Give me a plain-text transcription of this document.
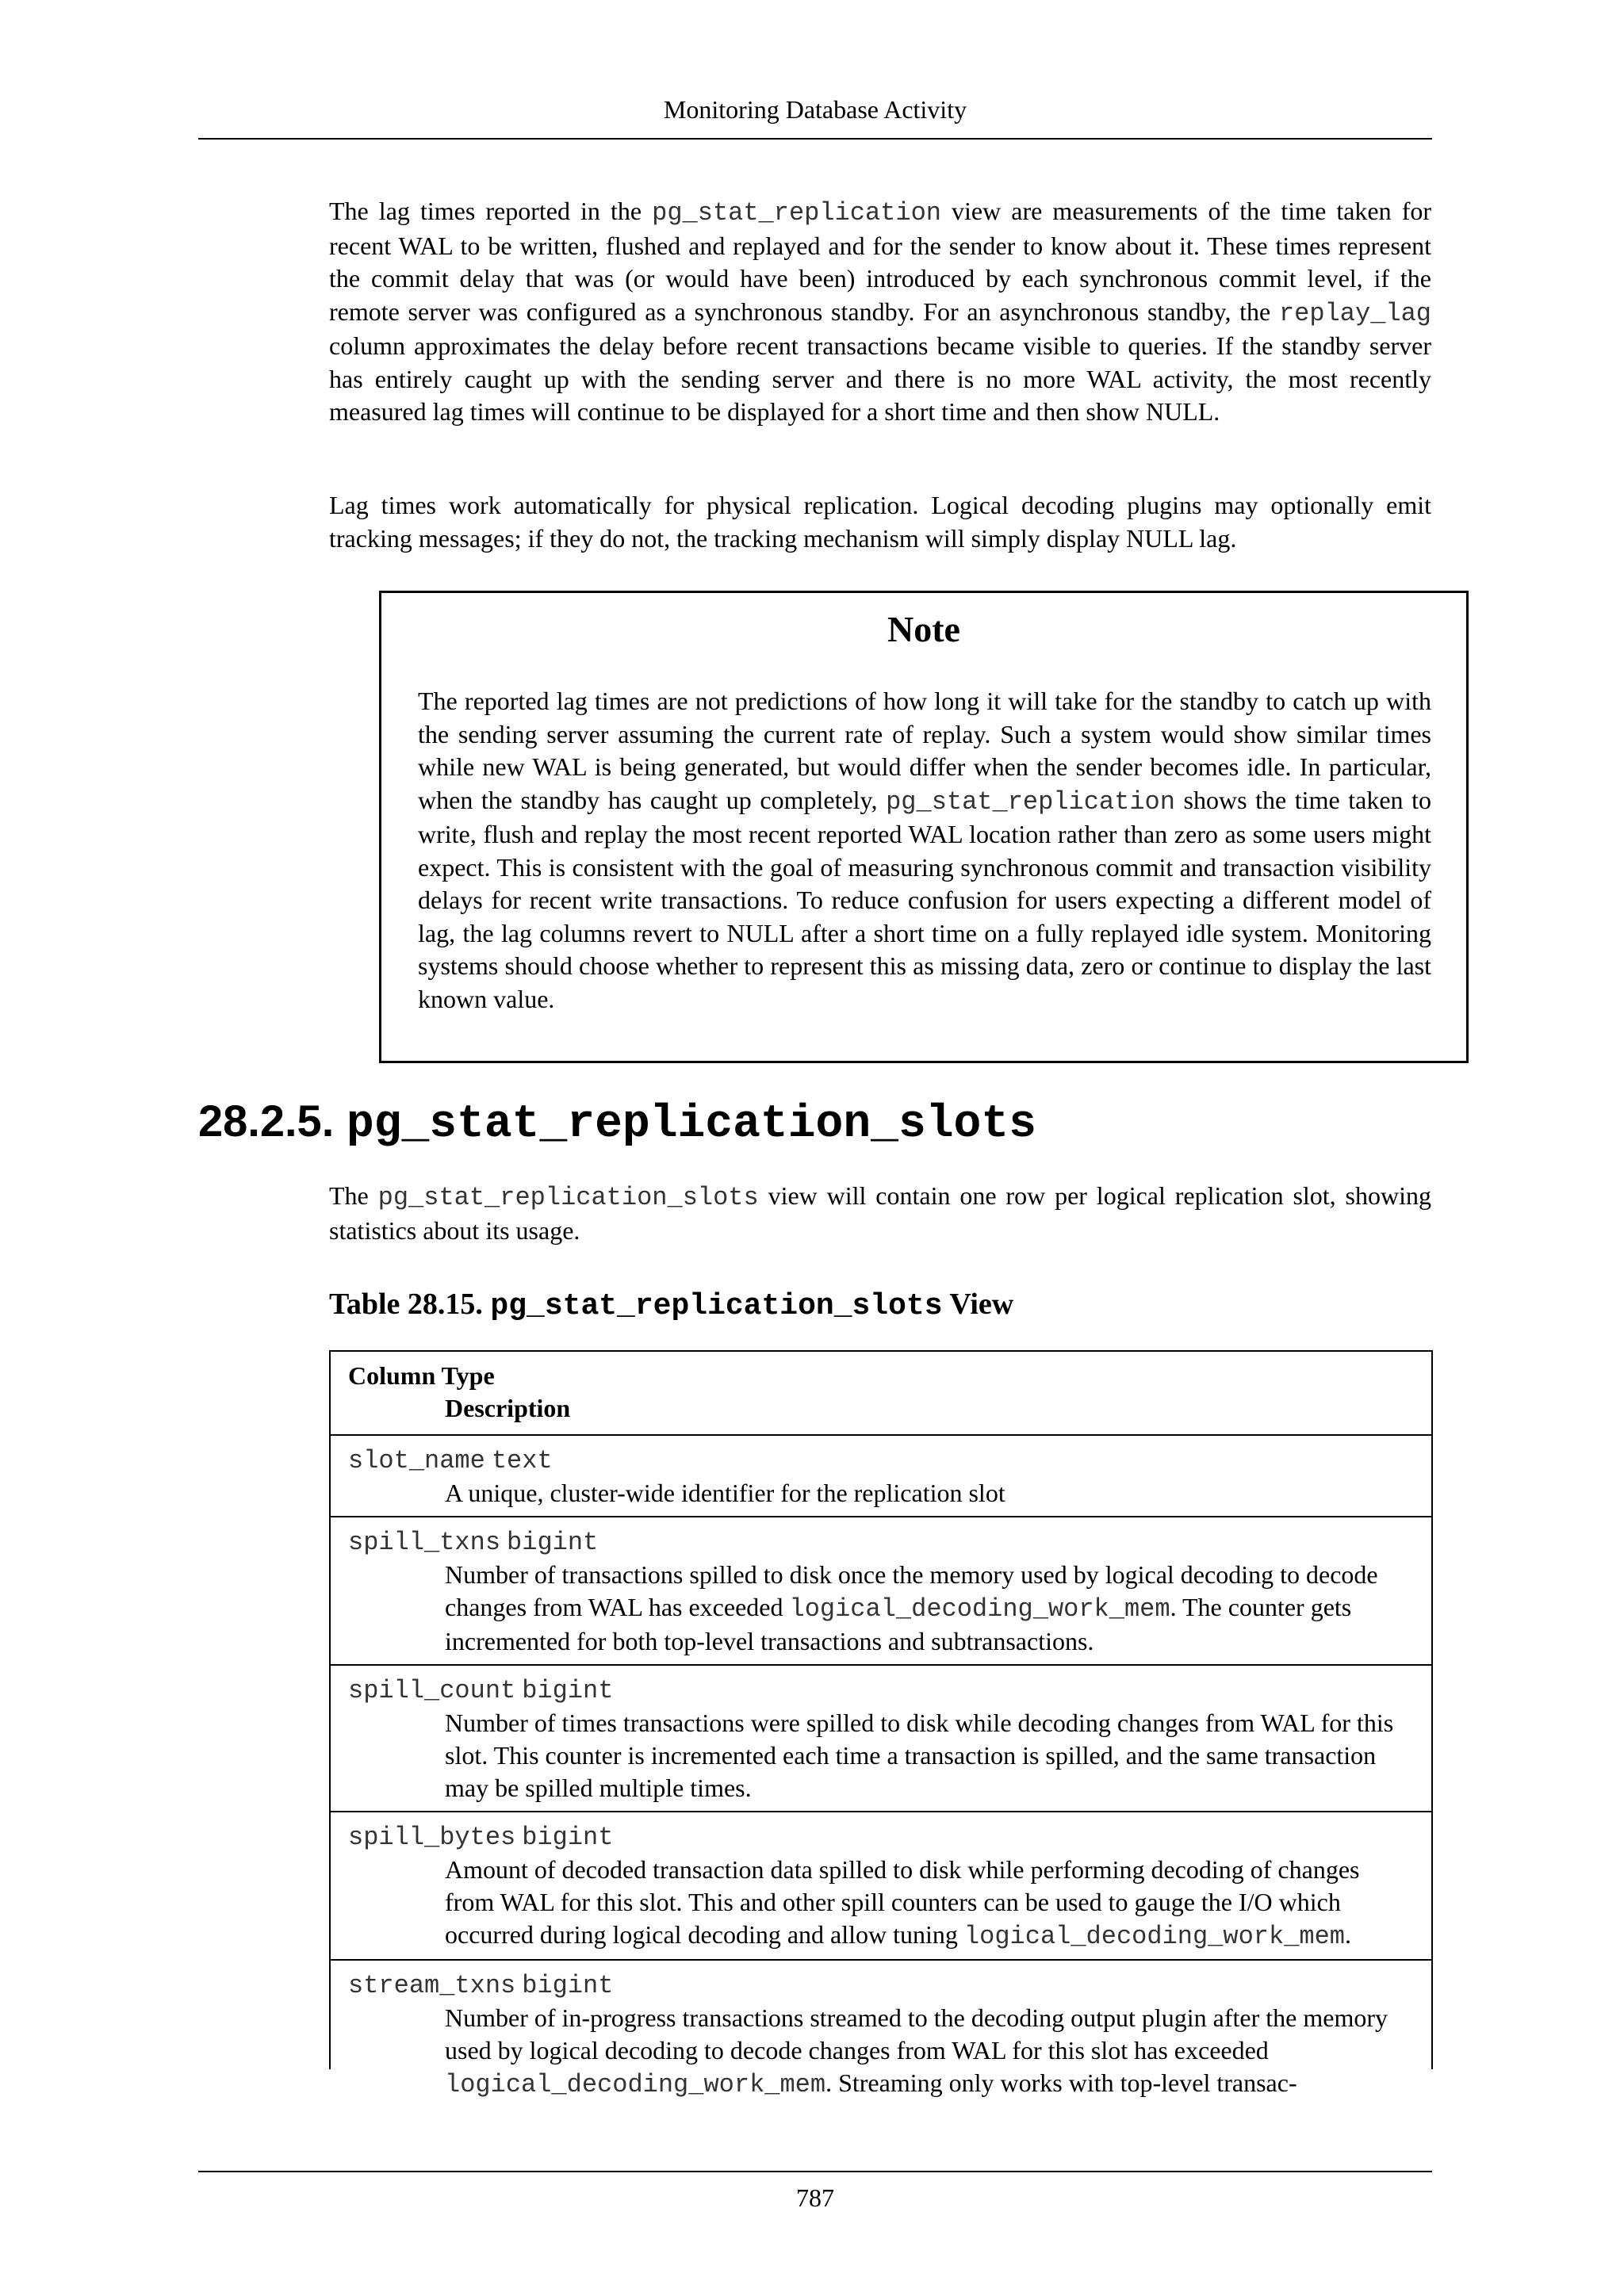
Monitoring Database Activity

The lag times reported in the pg_stat_replication view are measurements of the time taken for recent WAL to be written, flushed and replayed and for the sender to know about it. These times represent the commit delay that was (or would have been) introduced by each synchronous commit level, if the remote server was configured as a synchronous standby. For an asynchronous standby, the replay_lag column approximates the delay before recent transactions became visible to queries. If the standby server has entirely caught up with the sending server and there is no more WAL activity, the most recently measured lag times will continue to be displayed for a short time and then show NULL.

Lag times work automatically for physical replication. Logical decoding plugins may optionally emit tracking messages; if they do not, the tracking mechanism will simply display NULL lag.

Note

The reported lag times are not predictions of how long it will take for the standby to catch up with the sending server assuming the current rate of replay. Such a system would show similar times while new WAL is being generated, but would differ when the sender becomes idle. In particular, when the standby has caught up completely, pg_stat_replication shows the time taken to write, flush and replay the most recent reported WAL location rather than zero as some users might expect. This is consistent with the goal of measuring synchronous commit and transaction visibility delays for recent write transactions. To reduce confusion for users expecting a different model of lag, the lag columns revert to NULL after a short time on a fully replayed idle system. Monitoring systems should choose whether to represent this as missing data, zero or continue to display the last known value.

28.2.5. pg_stat_replication_slots

The pg_stat_replication_slots view will contain one row per logical replication slot, showing statistics about its usage.

Table 28.15. pg_stat_replication_slots View
Column Type
Description
slot_name text
A unique, cluster-wide identifier for the replication slot
spill_txns bigint
Number of transactions spilled to disk once the memory used by logical decoding to decode changes from WAL has exceeded logical_decoding_work_mem. The counter gets incremented for both top-level transactions and subtransactions.
spill_count bigint
Number of times transactions were spilled to disk while decoding changes from WAL for this slot. This counter is incremented each time a transaction is spilled, and the same transaction may be spilled multiple times.
spill_bytes bigint
Amount of decoded transaction data spilled to disk while performing decoding of changes from WAL for this slot. This and other spill counters can be used to gauge the I/O which occurred during logical decoding and allow tuning logical_decoding_work_mem.
stream_txns bigint
Number of in-progress transactions streamed to the decoding output plugin after the memory used by logical decoding to decode changes from WAL for this slot has exceeded logical_decoding_work_mem. Streaming only works with top-level transac-
787
